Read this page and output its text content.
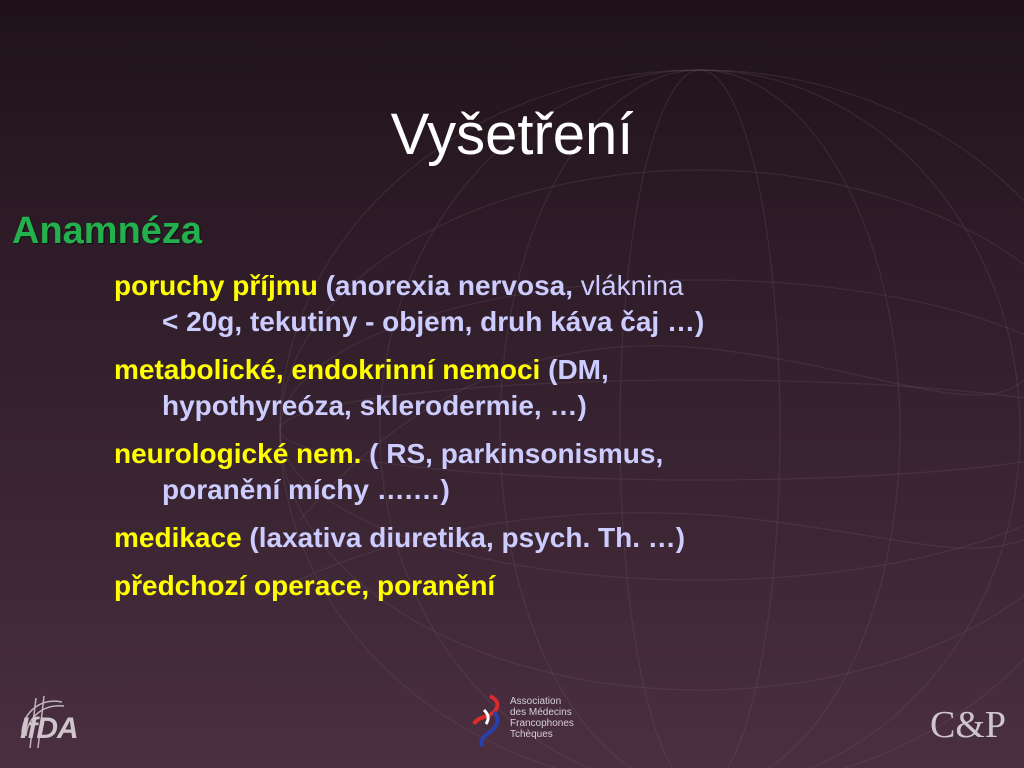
Vyšetření
Anamnéza
poruchy příjmu (anorexia nervosa, vláknina
< 20g, tekutiny - objem, druh káva čaj …)
metabolické, endokrinní nemoci (DM,
hypothyreóza, sklerodermie, …)
neurologické nem. ( RS, parkinsonismus,
poranění míchy ….…)
medikace (laxativa diuretika, psych. Th. …)
předchozí operace, poranění
IfDA
Association
des Médecins
Francophones
Tchèques	C&P
